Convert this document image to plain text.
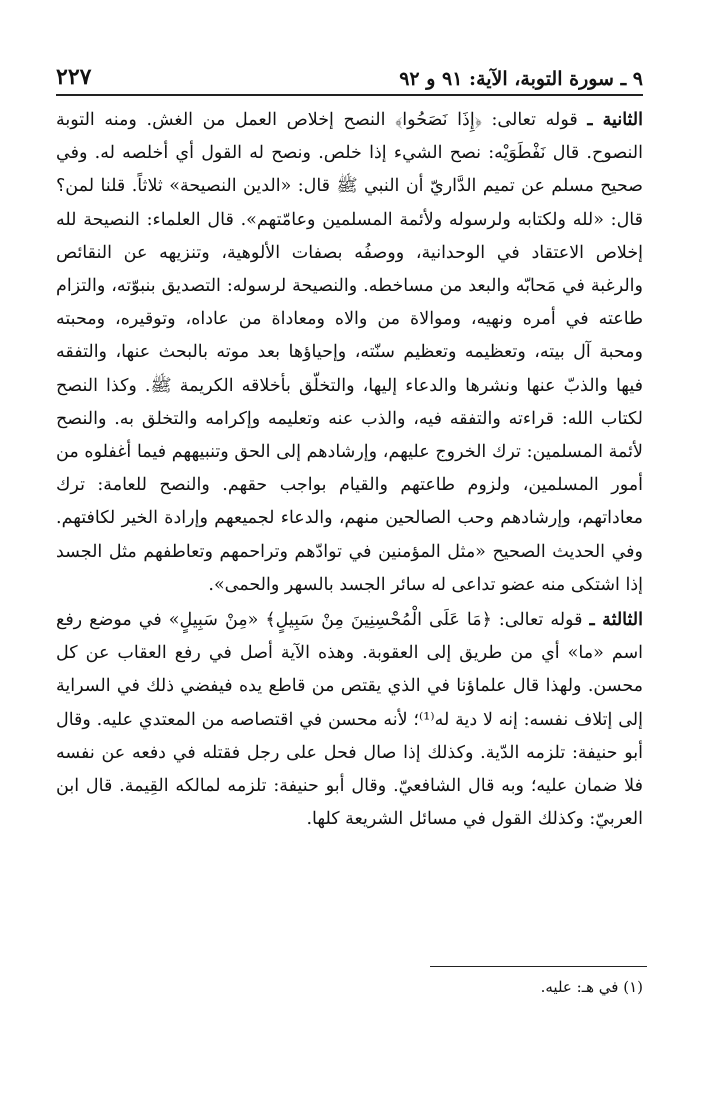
٩ ـ سورة التوبة، الآية: ٩١ و ٩٢
٢٢٧

الثانية ـ قوله تعالى: ﴿إِذَا نَصَحُوا﴾ النصح إخلاص العمل من الغش. ومنه التوبة النصوح. قال نَفْطَوَيْه: نصح الشيء إذا خلص. ونصح له القول أي أخلصه له. وفي صحيح مسلم عن تميم الدَّاريّ أن النبي ﷺ قال: «الدين النصيحة» ثلاثاً. قلنا لمن؟ قال: «لله ولكتابه ولرسوله ولأئمة المسلمين وعامّتهم». قال العلماء: النصيحة لله إخلاص الاعتقاد في الوحدانية، ووصفُه بصفات الألوهية، وتنزيهه عن النقائص والرغبة في مَحابّه والبعد من مساخطه. والنصيحة لرسوله: التصديق بنبوّته، والتزام طاعته في أمره ونهيه، وموالاة من والاه ومعاداة من عاداه، وتوقيره، ومحبته ومحبة آل بيته، وتعظيمه وتعظيم سنّته، وإحياؤها بعد موته بالبحث عنها، والتفقه فيها والذبّ عنها ونشرها والدعاء إليها، والتخلّق بأخلاقه الكريمة ﷺ. وكذا النصح لكتاب الله: قراءته والتفقه فيه، والذب عنه وتعليمه وإكرامه والتخلق به. والنصح لأئمة المسلمين: ترك الخروج عليهم، وإرشادهم إلى الحق وتنبيههم فيما أغفلوه من أمور المسلمين، ولزوم طاعتهم والقيام بواجب حقهم. والنصح للعامة: ترك معاداتهم، وإرشادهم وحب الصالحين منهم، والدعاء لجميعهم وإرادة الخير لكافتهم. وفي الحديث الصحيح «مثل المؤمنين في توادّهم وتراحمهم وتعاطفهم مثل الجسد إذا اشتكى منه عضو تداعى له سائر الجسد بالسهر والحمى».

الثالثة ـ قوله تعالى: ﴿مَا عَلَى الْمُحْسِنِينَ مِنْ سَبِيلٍ﴾ «مِنْ سَبِيلٍ» في موضع رفع اسم «ما» أي من طريق إلى العقوبة. وهذه الآية أصل في رفع العقاب عن كل محسن. ولهذا قال علماؤنا في الذي يقتص من قاطع يده فيفضي ذلك في السراية إلى إتلاف نفسه: إنه لا دية له⁽¹⁾؛ لأنه محسن في اقتصاصه من المعتدي عليه. وقال أبو حنيفة: تلزمه الدّية. وكذلك إذا صال فحل على رجل فقتله في دفعه عن نفسه فلا ضمان عليه؛ وبه قال الشافعيّ. وقال أبو حنيفة: تلزمه لمالكه القِيمة. قال ابن العربيّ: وكذلك القول في مسائل الشريعة كلها.

(١) في هـ: عليه.
